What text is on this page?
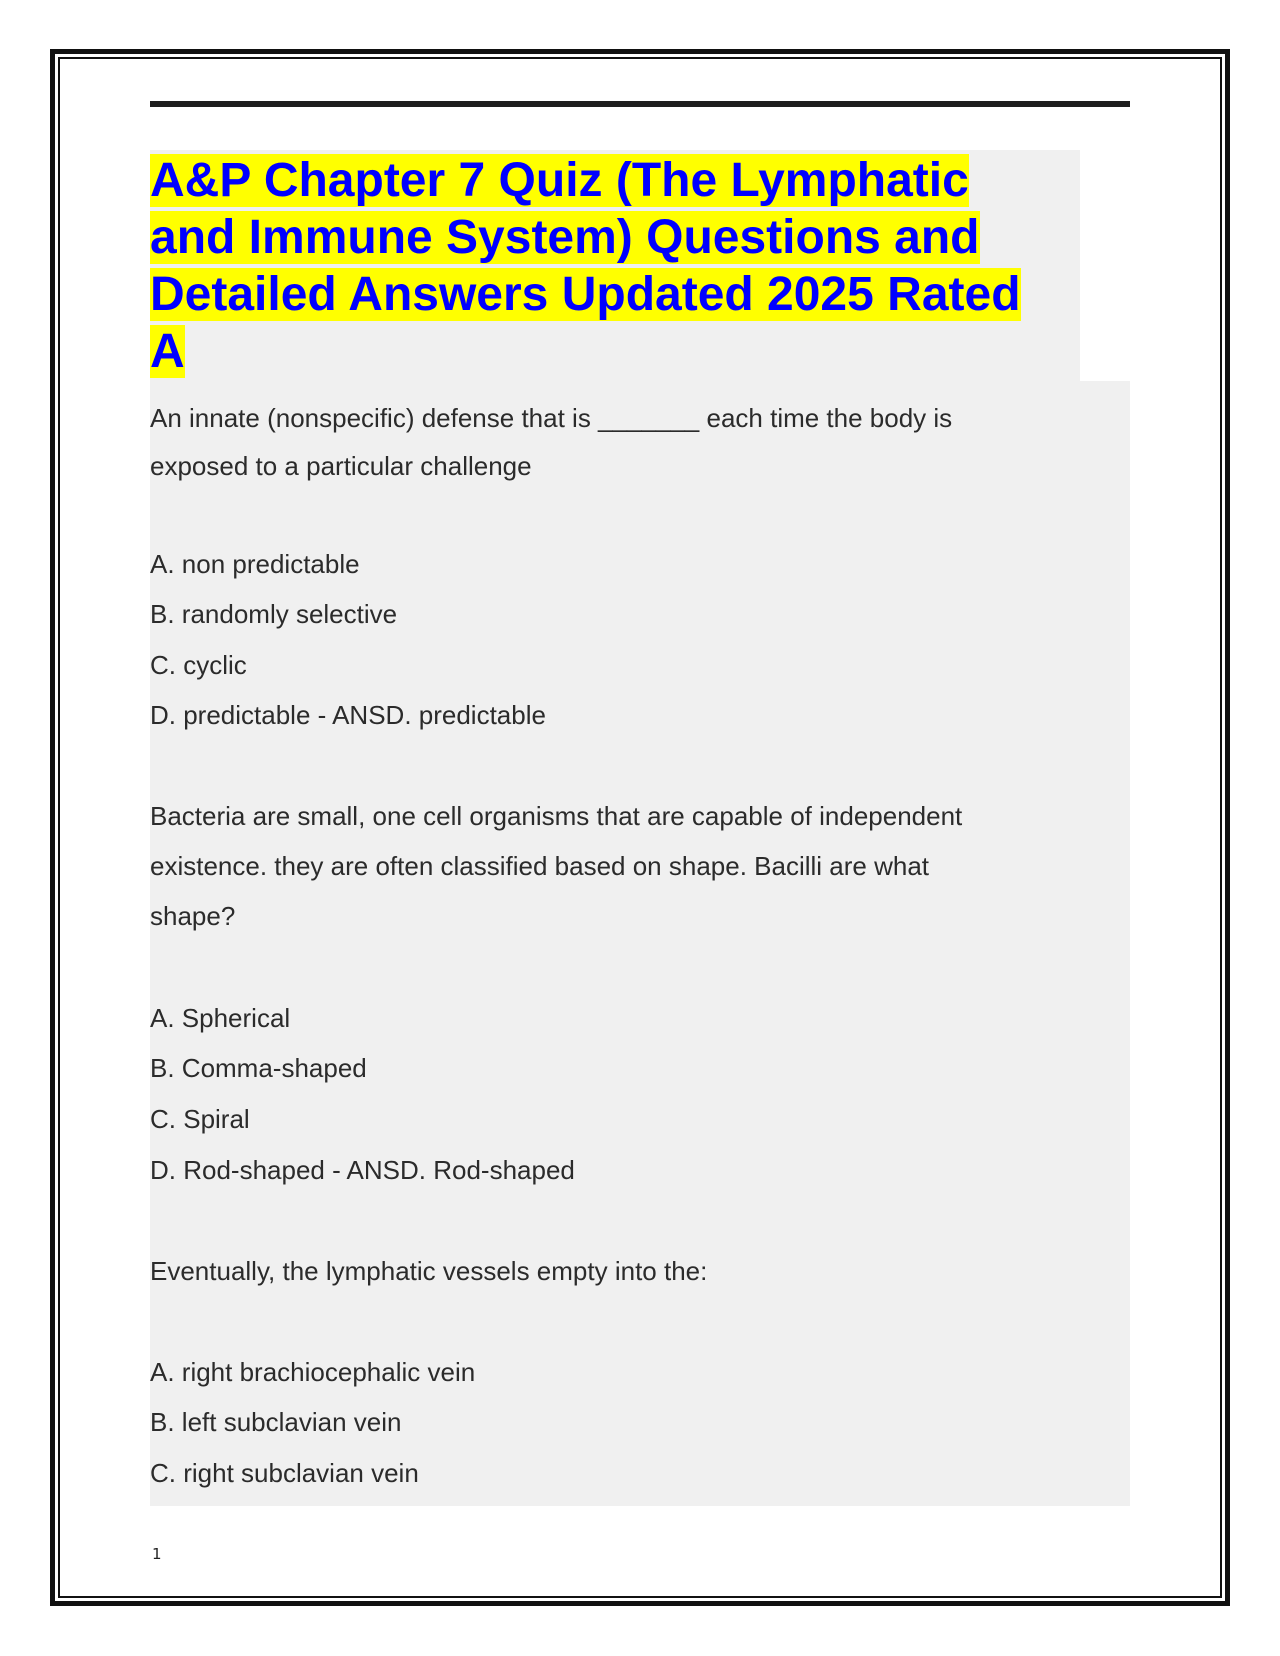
A&P Chapter 7 Quiz (The Lymphatic
and Immune System) Questions and
Detailed Answers Updated 2025 Rated
A
An innate (nonspecific) defense that is _______ each time the body is
exposed to a particular challenge
A. non predictable
B. randomly selective
C. cyclic
D. predictable - ANSD. predictable
Bacteria are small, one cell organisms that are capable of independent
existence. they are often classified based on shape. Bacilli are what
shape?
A. Spherical
B. Comma-shaped
C. Spiral
D. Rod-shaped - ANSD. Rod-shaped
Eventually, the lymphatic vessels empty into the:
A. right brachiocephalic vein
B. left subclavian vein
C. right subclavian vein
1
